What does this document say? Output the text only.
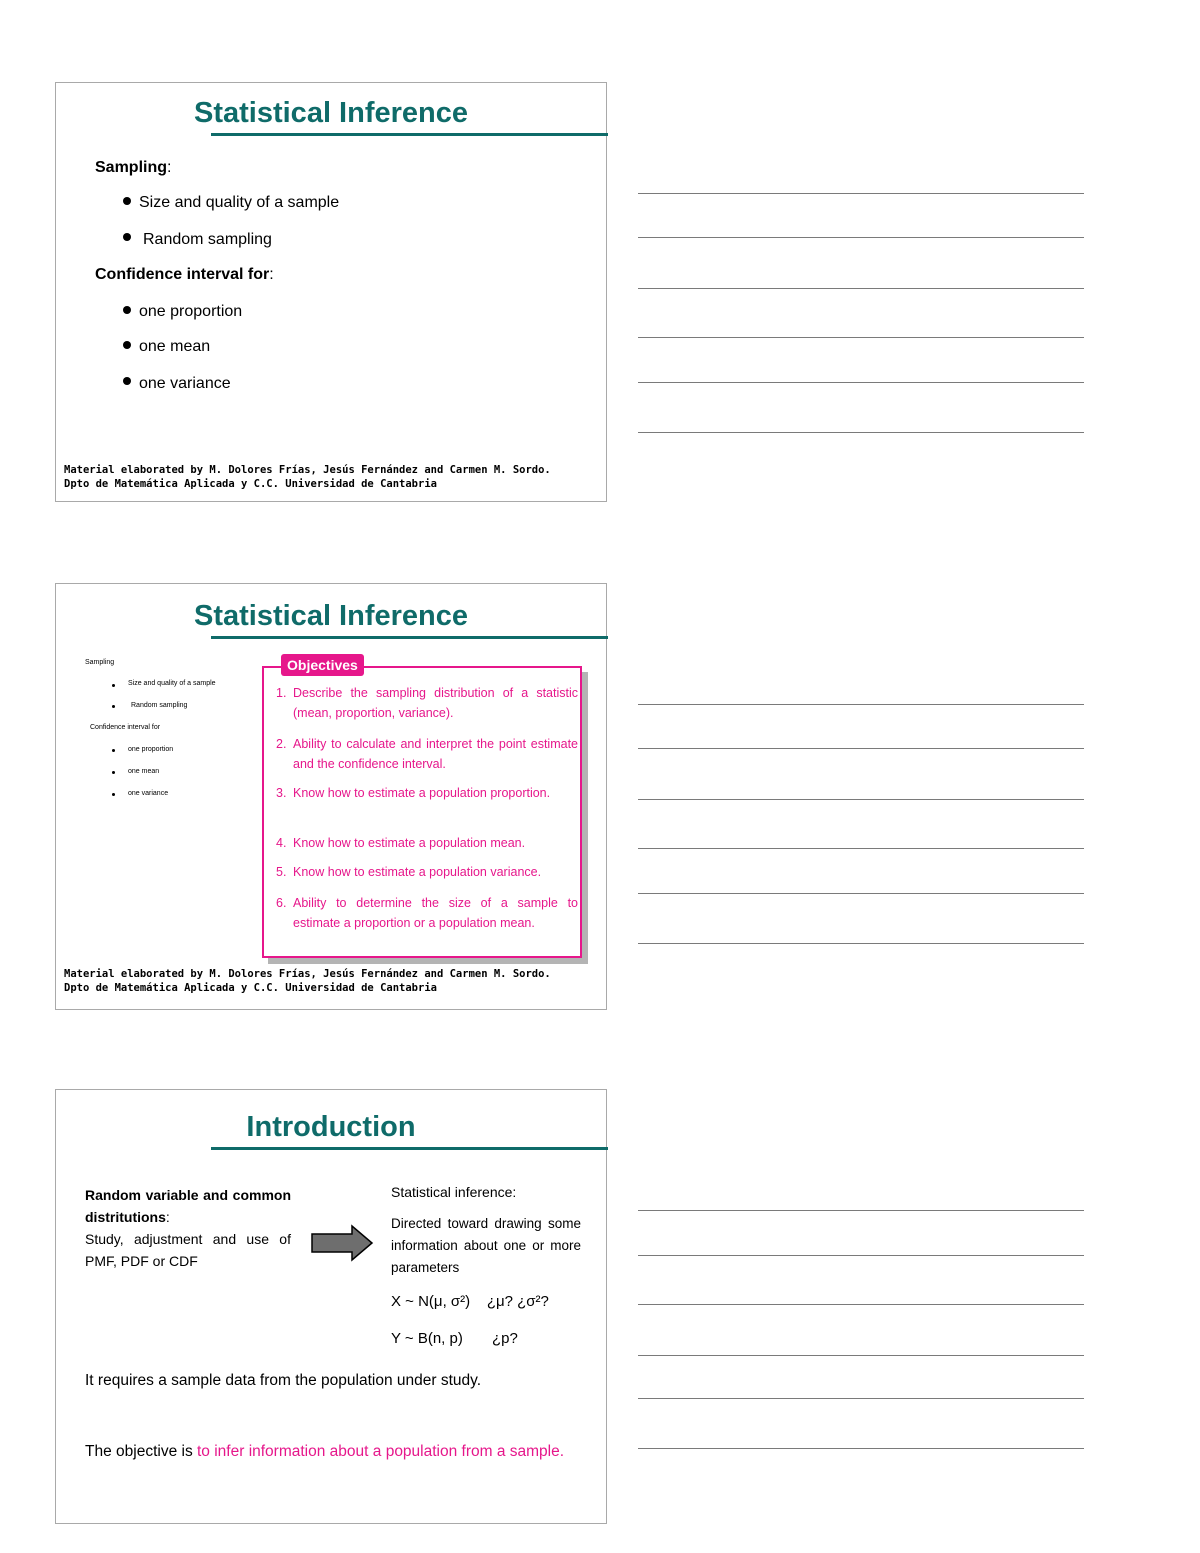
Statistical Inference
Sampling:
Size and quality of a sample
Random sampling
Confidence interval for:
one proportion
one mean
one variance
Material elaborated by M. Dolores Frías, Jesús Fernández and Carmen M. Sordo.
Dpto de Matemática Aplicada y C.C. Universidad de Cantabria
Statistical Inference
Sampling
Size and quality of a sample
Random sampling
Confidence interval for
one proportion
one mean
one variance
Objectives
1. Describe the sampling distribution of a statistic (mean, proportion, variance).
2. Ability to calculate and interpret the point estimate and the confidence interval.
3. Know how to estimate a population proportion.
4. Know how to estimate a population mean.
5. Know how to estimate a population variance.
6. Ability to determine the size of a sample to estimate a proportion or a population mean.
Material elaborated by M. Dolores Frías, Jesús Fernández and Carmen M. Sordo.
Dpto de Matemática Aplicada y C.C. Universidad de Cantabria
Introduction
Random variable and common distritutions:
Study, adjustment and use of PMF, PDF or CDF
Statistical inference:
Directed toward drawing some information about one or more parameters
X ~ N(μ, σ²)    ¿μ? ¿σ²?
Y ~ B(n, p)       ¿p?
It requires a sample data from the population under study.
The objective is to infer information about a population from a sample.
